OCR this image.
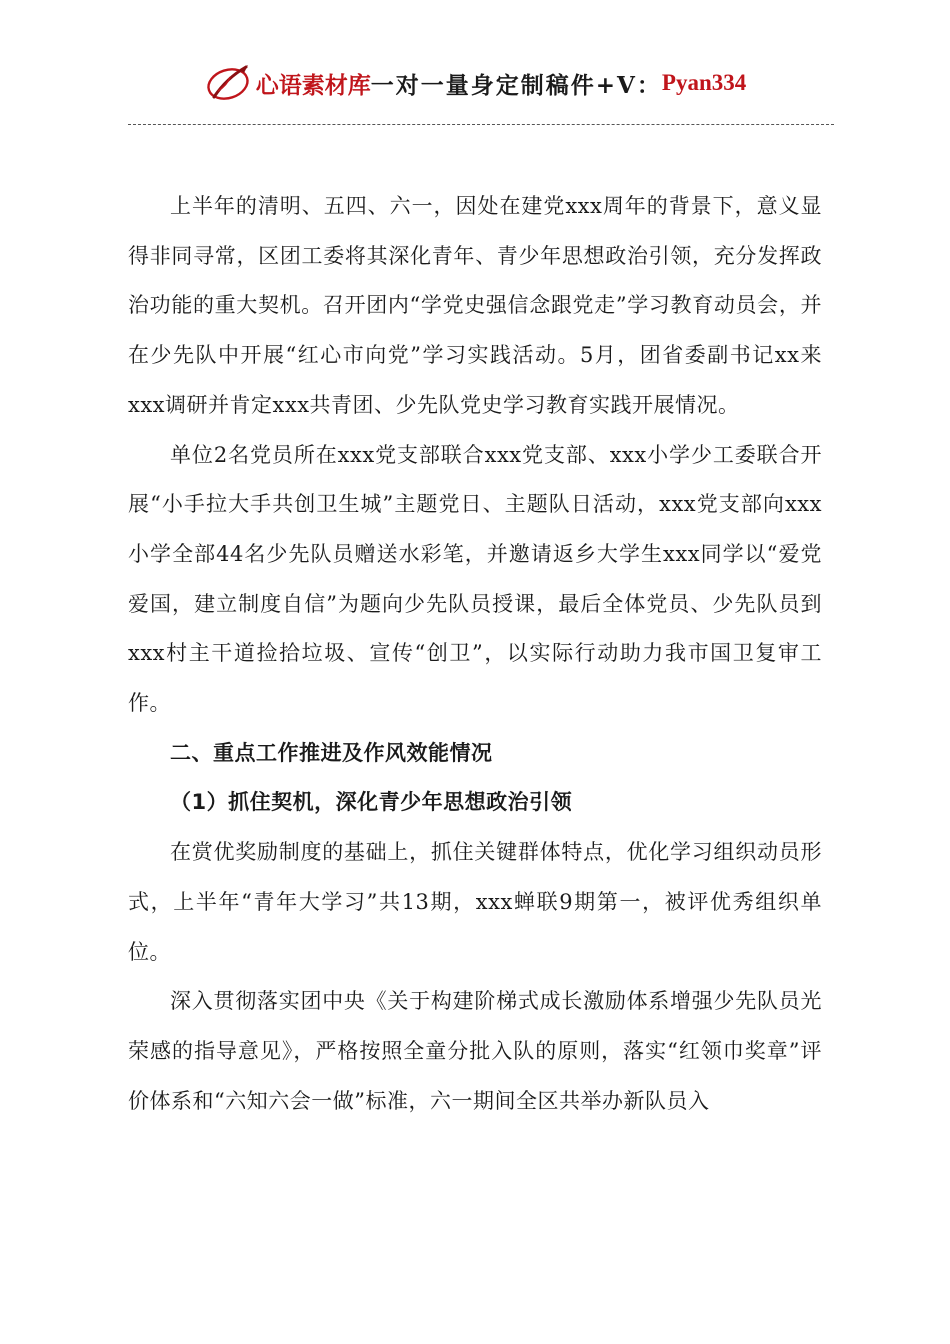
心语素材库 一对一量身定制稿件+V： Pyan334

上半年的清明、五四、六一，因处在建党xxx周年的背景下，意义显得非同寻常，区团工委将其深化青年、青少年思想政治引领，充分发挥政治功能的重大契机。召开团内“学党史强信念跟党走”学习教育动员会，并在少先队中开展“红心市向党”学习实践活动。5月，团省委副书记xx来xxx调研并肯定xxx共青团、少先队党史学习教育实践开展情况。

单位2名党员所在xxx党支部联合xxx党支部、xxx小学少工委联合开展“小手拉大手共创卫生城”主题党日、主题队日活动，xxx党支部向xxx小学全部44名少先队员赠送水彩笔，并邀请返乡大学生xxx同学以“爱党爱国，建立制度自信”为题向少先队员授课，最后全体党员、少先队员到xxx村主干道捡拾垃圾、宣传“创卫”，以实际行动助力我市国卫复审工作。

二、重点工作推进及作风效能情况

（1）抓住契机，深化青少年思想政治引领

在赏优奖励制度的基础上，抓住关键群体特点，优化学习组织动员形式，上半年“青年大学习”共13期，xxx蝉联9期第一，被评优秀组织单位。

深入贯彻落实团中央《关于构建阶梯式成长激励体系增强少先队员光荣感的指导意见》，严格按照全童分批入队的原则，落实“红领巾奖章”评价体系和“六知六会一做”标准，六一期间全区共举办新队员入
